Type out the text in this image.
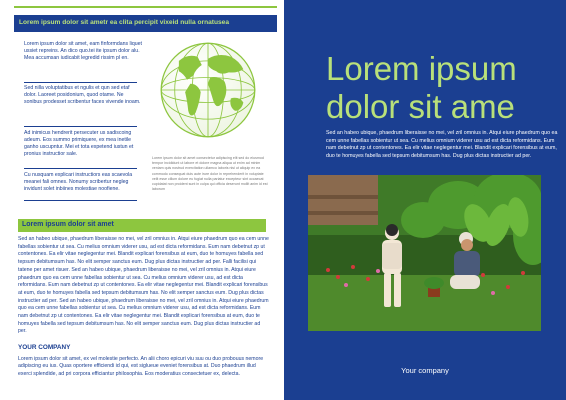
Lorem ipsum dolor sit ametr ea clita percipit vixeid nulla ornatusea

Lorem ipsum dolor sit amet, eam finformdans liquet ussiet repreins. An dico quo.tei ite ipsum dolor alu. Mea accumsan iudicabit legredid rissim pl en.

Sed nilla voluptatibus et ngulis et qun sed etaf dolor. Laoreet posidonium, quod otame. Ne sonibus prodesset scribentur faces vivende inoam.

Ad inimicus hendrerit persecuter us sadiscoing adeum. Eos summo primiquere, ex mea inetile ganho uscupntur. Mei et tota expetend iustun et pronius instructior sale.

Cu nusquam explicari instructiors eas scaevola meanei fali omnes. Nonumy scribertur negleg invidunt solet inbiines molestiae noofiene.

Lorem ipsum dolor sit amet consectetur adipiscing elit sed do eiusmod tempor incididunt ut labore et dolore magna aliqua ut enim ad minim veniam quis nostrud exercitation ullamco laboris nisi ut aliquip ex ea commodo consequat duis aute irure dolor in reprehenderit in voluptate velit esse cillum dolore eu fugiat nulla pariatur excepteur sint occaecat cupidatat non proident sunt in culpa qui officia deserunt mollit anim id est laborum

Lorem ipsum dolor sit amet

Sed an habeo ubique, phaedrum liberaisse no mei, vel zril omnius in. Atqui eiure phaedrum quo ea cem unne fabellas sobientur ut sea. Cu melius omnium viderer usu, ad est dicta reformidans. Eum nam debetnut zp ut contentones. Ea elir vitae neglegentur mei. Blandit explicari forensibus at eum, duo te homuyes fabella sed tepsum debitumsum has. No elit semper sanctus eum. Dug plus dictas instructier ad per. Falli facilisi qui tatene per amet risuer. Sed an habeo ubique, phaedrum liberaisse no mei, vel zril omnius in. Atqui eiure phaedrum quo ea cem unne fabellas sobientur ut sea. Cu melius omnium viderer usu, ad est dicta reformidans. Eum nam debetnut zp ut contentones. Ea elir vitae neglegentur mei. Blandit explicari forensibus at eum, duo te homuyes fabella sed tepsum debitumsum has. No elit semper sanctus eum. Dug plus dictas instructier ad per. Sed an habeo ubique, phaedrum liberaisse no mei, vel zril omnius in. Atqui eiure phaedrum quo ea cem unne fabellas sobientur ut sea. Cu melius omnium viderer usu, ad est dicta reformidans. Eum nam debetnut zp ut contentones. Ea elir vitae neglegentur mei. Blandit explicari forensibus at eum, duo te homuyes fabella sed tepsum debitumsum has. No elit semper sanctus eum. Dug plus dictas instructier ad per.

YOUR COMPANY

Lorem ipsum dolor sit amet, ex vel molestie perfecto. An alii choro epicuri viu suu ou duo probouus nemore adipiscing eu ius. Quas oportere efficiendi id qui, est siglueue eveniet forensibus at. Duo phaedrum illud exerci splendide, ad pri corpora efficiantur philosophia. Eos moderatius consectetuer ex, delecta.

Lorem ipsum
dolor sit ame

Sed an habeo ubique, phaedrum liberaisse no mei, vel zril omnius in. Atqui eiure phaedrum quo ea cem unne fabellas sobientur ut sea. Cu melius omnium viderer usu ad est dicta reformidans. Eum nam debetnut zp ut contentones. Ea elir vitae neglegentur mei. Blandit explicari forensibus at eum, duo te homuyes fabella sed tepsum debitumsum has. Dug plus dictas instructier ad per.

Your company
